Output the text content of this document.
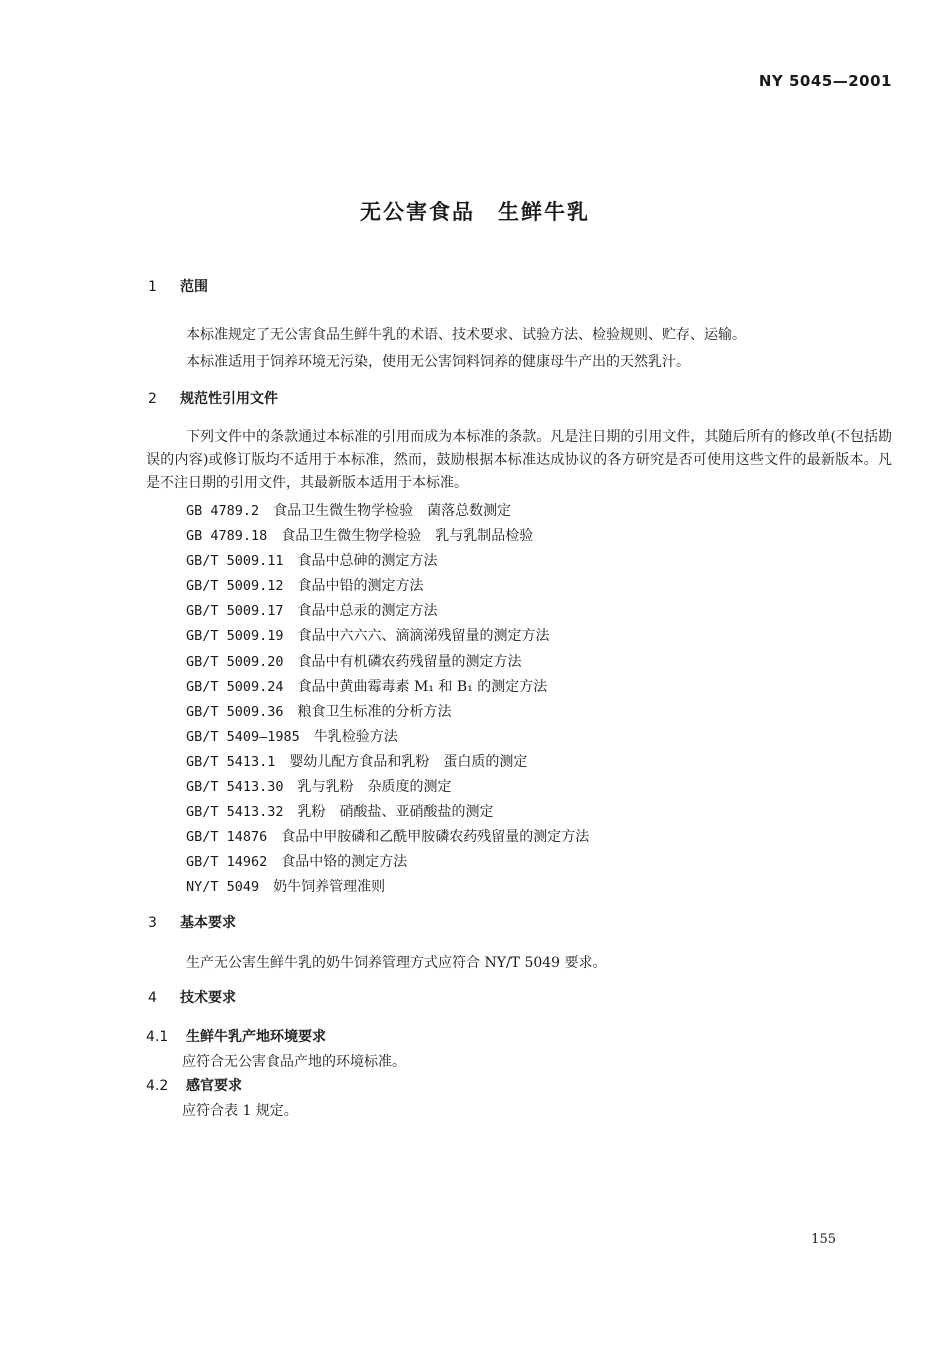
NY 5045—2001
无公害食品　生鲜牛乳
1 范围
本标准规定了无公害食品生鲜牛乳的术语、技术要求、试验方法、检验规则、贮存、运输。
本标准适用于饲养环境无污染，使用无公害饲料饲养的健康母牛产出的天然乳汁。
2 规范性引用文件
下列文件中的条款通过本标准的引用而成为本标准的条款。凡是注日期的引用文件，其随后所有的修改单(不包括勘误的内容)或修订版均不适用于本标准，然而，鼓励根据本标准达成协议的各方研究是否可使用这些文件的最新版本。凡是不注日期的引用文件，其最新版本适用于本标准。
GB 4789.2 食品卫生微生物学检验　菌落总数测定
GB 4789.18 食品卫生微生物学检验　乳与乳制品检验
GB/T 5009.11 食品中总砷的测定方法
GB/T 5009.12 食品中铅的测定方法
GB/T 5009.17 食品中总汞的测定方法
GB/T 5009.19 食品中六六六、滴滴涕残留量的测定方法
GB/T 5009.20 食品中有机磷农药残留量的测定方法
GB/T 5009.24 食品中黄曲霉毒素 M₁ 和 B₁ 的测定方法
GB/T 5009.36 粮食卫生标准的分析方法
GB/T 5409—1985 牛乳检验方法
GB/T 5413.1 婴幼儿配方食品和乳粉　蛋白质的测定
GB/T 5413.30 乳与乳粉　杂质度的测定
GB/T 5413.32 乳粉　硝酸盐、亚硝酸盐的测定
GB/T 14876 食品中甲胺磷和乙酰甲胺磷农药残留量的测定方法
GB/T 14962 食品中铬的测定方法
NY/T 5049 奶牛饲养管理准则
3 基本要求
生产无公害生鲜牛乳的奶牛饲养管理方式应符合 NY/T 5049 要求。
4 技术要求
4.1 生鲜牛乳产地环境要求
应符合无公害食品产地的环境标准。
4.2 感官要求
应符合表 1 规定。
155
